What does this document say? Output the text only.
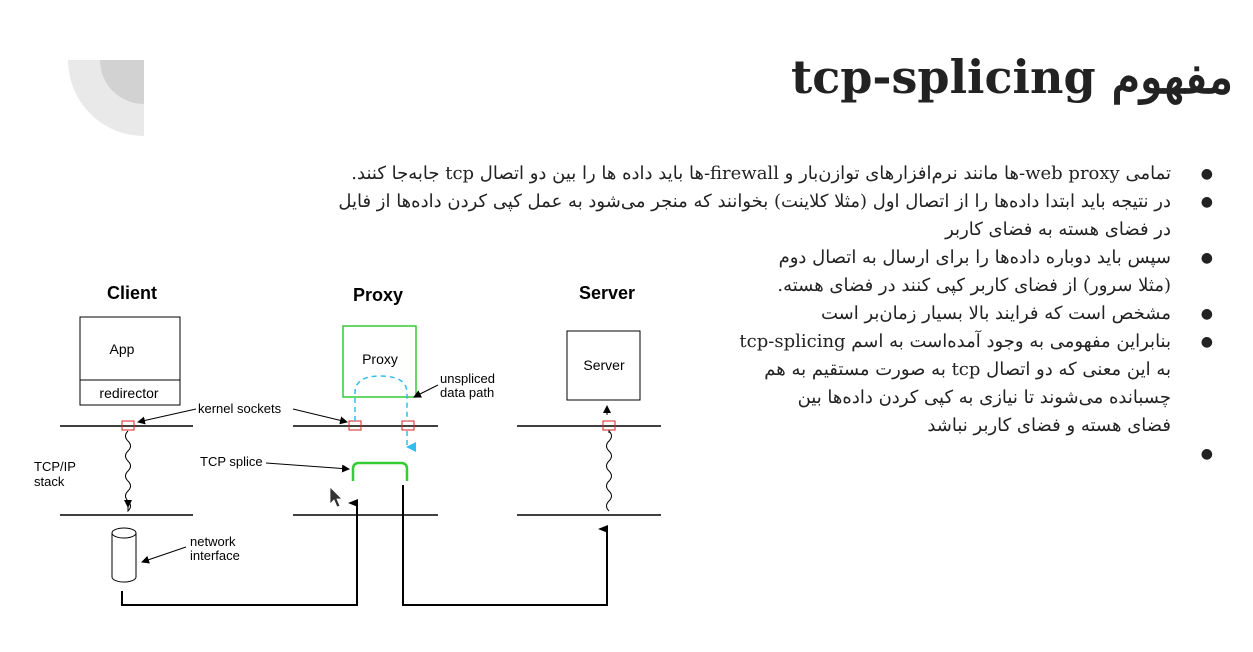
مفهوم tcp-splicing
● تمامی web proxy-ها مانند نرم‌افزارهای توازن‌بار و firewall-ها باید داده ها را بین دو اتصال tcp جابه‌جا کنند.
● در نتیجه باید ابتدا داده‌ها را از اتصال اول (مثلا کلاینت) بخوانند که منجر می‌شود به عمل کپی کردن داده‌ها از فایل
در فضای هسته به فضای کاربر
● سپس باید دوباره داده‌ها را برای ارسال به اتصال دوم
(مثلا سرور) از فضای کاربر کپی کنند در فضای هسته.
● مشخص است که فرایند بالا بسیار زمان‌بر است
● بنابراین مفهومی به وجود آمده‌است به اسم tcp-splicing
به این معنی که دو اتصال tcp به صورت مستقیم به هم
چسبانده می‌شوند تا نیازی به کپی کردن داده‌ها بین
فضای هسته و فضای کاربر نباشد
●

Client	Proxy	Server
App
redirector
Proxy	Server
kernel sockets
unspliced
data path
TCP/IP
stack
TCP splice
network
interface
